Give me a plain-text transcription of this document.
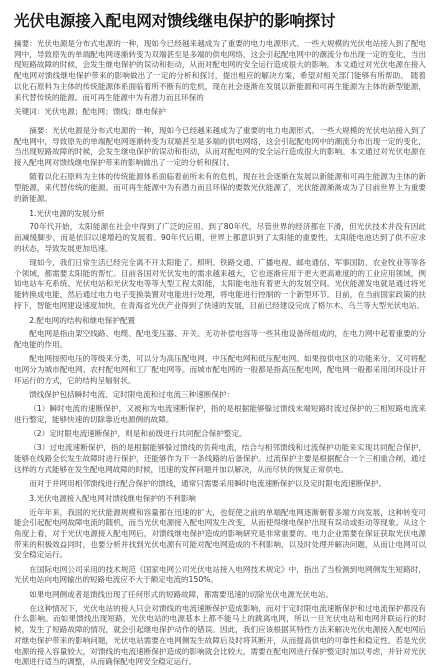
光伏电源接入配电网对馈线继电保护的影响探讨
摘要：光伏电源是分布式电源的一种，现如今已经越来越成为了重要的电力电源形式。一些大规模的光伏电站接入到了配电网中，导致原先的单端配电网逐渐转变为双端甚至是多端的供电网络，这会引起配电网中的潮流分布出现一定的变化，当出现短路故障的时候，会发生继电保护的误动和拒动，从而对配电网的安全运行造成很大的影响。本文通过对光伏电源在接入配电网对馈线继电保护带来的影响做出了一定的分析和探讨，提出相应的解决方案，希望对相关部门能够有所帮助。 随着以化石原料为主体的传统能源体系面临着所不断有的危机，现在社会逐渐在发展以新能源和可再生能源为主体的新型能源，来代替传统的能源。而可再生能源中为有潜力而且环保的
关键词：光伏电源；配电网；馈线；继电保护
摘要：光伏电源是分布式电源的一种，现如今已经越来越成为了重要的电力电源形式。一些大规模的光伏电站接入到了配电网中，导致原先的单端配电网逐渐转变为双端甚至是多端的供电网络，这会引起配电网中的潮流分布出现一定的变化，当出现短路故障的时候，会发生继电保护的误动和拒动，从而对配电网的安全运行造成很大的影响。本文通过对光伏电源在接入配电网对馈线继电保护带来的影响做出了一定的分析和探讨。
随着以化石原料为主体的传统能源体系面临着前所未有的危机，现在社会逐渐在发展以新能源和可再生能源为主体的新型能源，来代替传统的能源。而可再生能源中为有潜力而且环保的要数光伏能源了，光伏能源渐渐成为了目前世界上为重要的新能源。
1.光伏电源的发展分析
70年代开始，太阳能源在社会中得到了广泛的应用。到了80年代，尽管世界的经济都在下滑，但光伏技术并没有因此而减缓脚步，而是依旧以速增趋的发展着。90年代后期，世界上都意识到了太阳能的重要性，太阳能电池达到了供不应求的状态，导致发展更加迅速。
现如今，我们日常生活已经完全离不开太阳能了。照明、铁路交通、广播电视、邮电通信、军事国防、农业牧业等等各个领域，都需要太阳能的帮忙。目前各国对光伏发电的需求越来越大，它也逐渐应用于更大更高难度的的工业应用领域，例如电站车充系统、光伏电站和光伏发电等等大型工程太阳能，太阳能电池有着更大的发展空间。光伏能源发电就是通过将光能转换成电能，然后通过电力电子变换装置对电能进行处理，将电能进行控制的一个新型环节。目前，在当前国家政策的扶持下，智能电网建设速度加快，在青海省光伏产业得到了快速的发展，目前已经建设完成了格尔木、乌兰等大型光伏电站。
2.配电网的结构和继电保护配置
配电网是指由架空线路、电缆、配电变压器、开关、无功补偿电容等一些其他设备所组成的，在电力网中起着重要的分配电能的作用。
配电网按照电压的等级来分类，可以分为高压配电网、中压配电网和低压配电网。如果按供电区的功能来分，又可将配电网分为城市配电网、农村配电网和工厂配电网等。而城市配电网的一般都是指高压配电网，配电网一般都采用闭环设计开环运行的方式，它的结构呈辐射状。
馈线保护包括瞬时电流、定时限电流和过电流三种速断保护：
（1）瞬时电流的速断保护，又被称为电流速断保护，指的是根据能够躲过馈线末端短路时流过保护的三相短路电流来进行整定，能够快速的切除靠近电源侧的故障。
（2）定时限电流速断保护，则是和前级进行共同配合保护整定。
（3）过电流速断保护，指的是根据能够躲过馈线的负荷电流，结合与相邻馈线和过流保护功能来实现共同配合保护，能够在线路全长发生故障时进行保护，还能够作为下一条线路的后备保护。过流保护主要是根据配合一个三相重合闸，通过这样的方式能够在发生配电网故障的时候，迅速的发挥问题并加以解决，从而尽快的恢复正常供电。
而对于并网用相邻馈线进行配合保护的馈线，通常只需要采用瞬时电流速断保护以及定时限电流速断保护。
3.光伏电源接入配电网对馈线继电保护的不利影响
近年年来，我国的光伏能源规模和容量都在迅速的扩大，也促使之前的单端配电网逐渐朝着多端方向发展，这种转变可能会引起配电网故障电流的随机，而当光伏电源接入配电网发生改变，从而使得继电保护出现有误动或拒动等现象。从这个角度上看，对于光伏电源接入配电网后，对馈线继电保护造成的影响研究是非常重要的。电力企业需要在保证获取光伏电源带来的积极效益同时，也要分析并找到光伏电源有可能对配电网造成的不利影响，以及时处理并解决问题，从而让电网可以安全稳定运行。
在国际电网公司采用的技术规范《国家电网公司光伏电站接入电网技术规定》中，指出了当检测到电网侧发生短路时，光伏电站向电网输出的短路电流应不大于额定电流的150%。
如果电网侧或者是馈线出现了任何形式的短路故障，都需要迅速的切除光伏电源光伏电站。
在这种情况下，光伏电站的接入只会对馈线的电流速断保护造成影响，而对于定时限电流速断保护和过电流保护都没有什么影响。而如果馈线出现短路，光伏电站的电源基本上都不能马上的跳离电网，所以一旦光伏电站和电网并联运行的时候，发生了短路故障的情况，就会引起继电保护动作的错误。因此，我们应该根据其特性方法来解决光伏电源接入配电网后对继电保护带来的影响问题，光伏电站需要在电网侧发生故障后及时将其断开，从而提高供电的可靠性和稳定性。若是光伏电源的接入容量较大，对馈线的电流速断保护造成的影响就会比较大，需要在配电网进行保护整定时加以考虑，并针对光伏电源进行适当的调整，从而确保配电网安全稳定运行。
